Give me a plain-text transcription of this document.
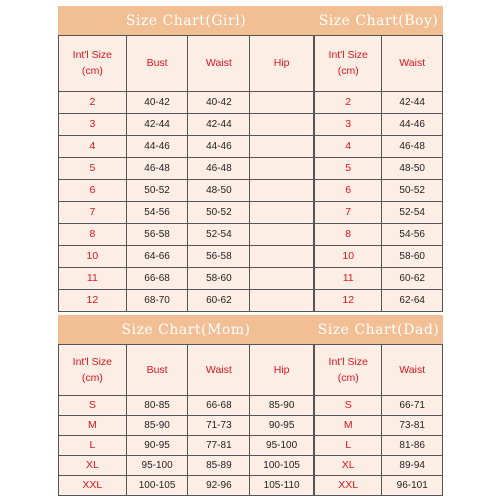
Size Chart(Girl)
Int'l Size
(cm)	Bust	Waist	Hip
2	40-42	40-42	
3	42-44	42-44	
4	44-46	44-46	
5	46-48	46-48	
6	50-52	48-50	
7	54-56	50-52	
8	56-58	52-54	
10	64-66	56-58	
11	66-68	58-60	
12	68-70	60-62	
Size Chart(Boy)
Int'l Size
(cm)	Waist
2	42-44
3	44-46
4	46-48
5	48-50
6	50-52
7	52-54
8	54-56
10	58-60
11	60-62
12	62-64
Size Chart(Mom)
Int'l Size
(cm)	Bust	Waist	Hip
S	80-85	66-68	85-90
M	85-90	71-73	90-95
L	90-95	77-81	95-100
XL	95-100	85-89	100-105
XXL	100-105	92-96	105-110
Size Chart(Dad)
Int'l Size
(cm)	Waist
S	66-71
M	73-81
L	81-86
XL	89-94
XXL	96-101
